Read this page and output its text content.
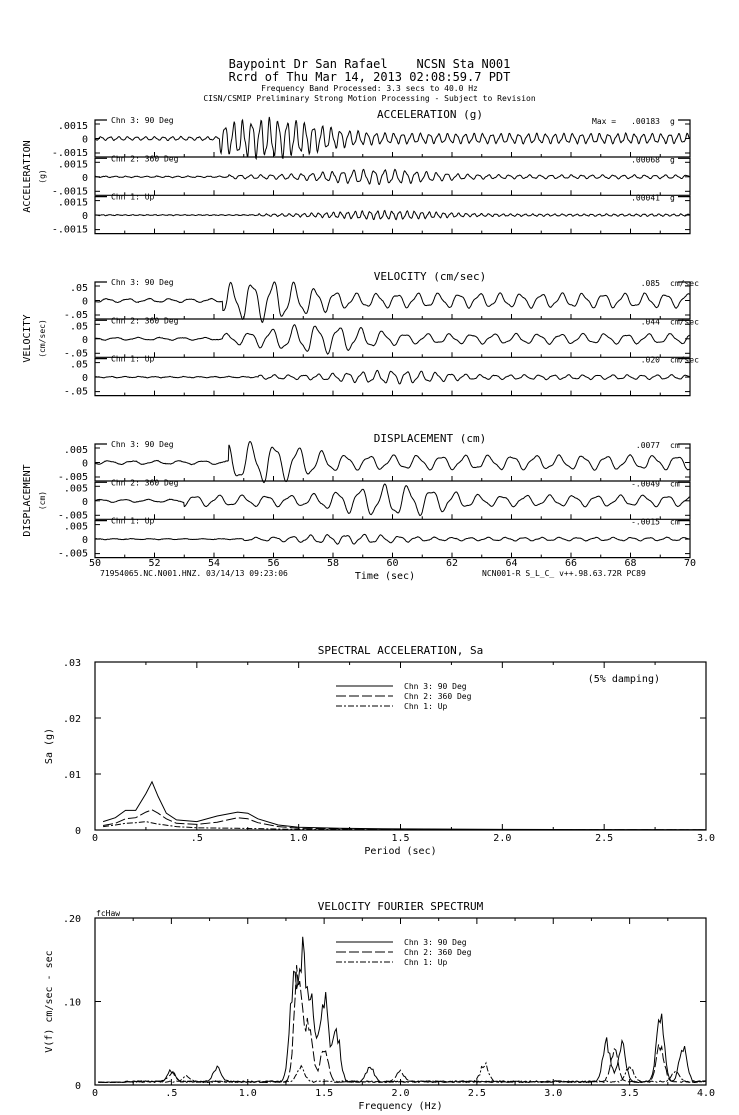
Baypoint Dr San Rafael    NCSN Sta N001
Rcrd of Thu Mar 14, 2013 02:08:59.7 PDT
Frequency Band Processed: 3.3 secs to 40.0 Hz
CISN/CSMIP Preliminary Strong Motion Processing - Subject to Revision
ACCELERATION (g)
ACCELERATION (g)
Chn 3: 90 Deg
.0015
0
-.0015
Max = .00183 g
Chn 2: 360 Deg
.0015
0
-.0015
.00068 g
Chn 1: Up
.0015
0
-.0015
.00041 g
VELOCITY (cm/sec)
VELOCITY (cm/sec)
Chn 3: 90 Deg
.05
0
-.05
.085 cm/sec
Chn 2: 360 Deg
.05
0
-.05
.044 cm/sec
Chn 1: Up
.05
0
-.05
.020 cm/sec
DISPLACEMENT (cm)
DISPLACEMENT (cm)
Chn 3: 90 Deg
.005
0
-.005
.0077 cm
Chn 2: 360 Deg
.005
0
-.005
-.0049 cm
Chn 1: Up
.005
0
-.005
-.0015 cm
50	52	54	56	58	60	62	64	66	68	70
Time (sec)
71954065.NC.N001.HNZ. 03/14/13 09:23:06	NCN001-R S_L_C_ v++.98.63.72R PC89
SPECTRAL ACCELERATION, Sa
0	.5	1.0	1.5	2.0	2.5	3.0
0
.01
.02
.03
Period (sec)
Sa (g)
(5% damping)
Chn 3: 90 Deg
Chn 2: 360 Deg
Chn 1: Up
VELOCITY FOURIER SPECTRUM
0	.5	1.0	1.5	2.0	2.5	3.0	3.5	4.0
0
.10
.20
Frequency (Hz)
V(f) cm/sec - sec
fcHaw
Chn 3: 90 Deg
Chn 2: 360 Deg
Chn 1: Up
